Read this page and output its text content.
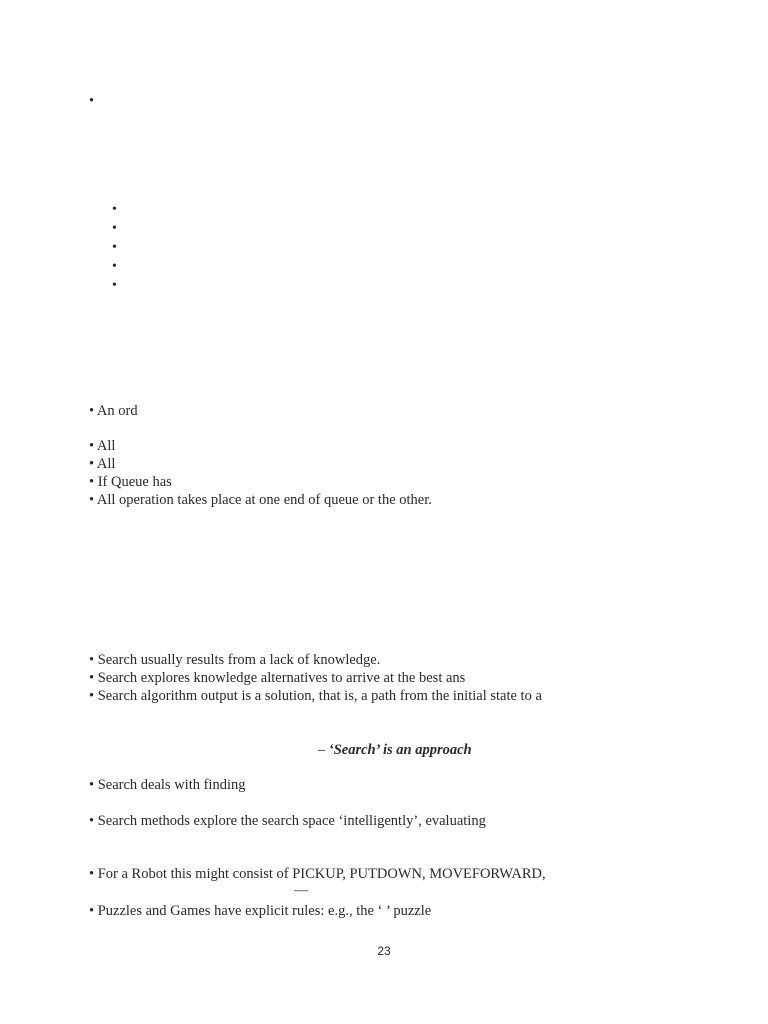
•
•
•
•
•
•
• An ord
• All
• All
• If Queue has
• All operation takes place at one end of queue or the other.
• Search usually results from a lack of knowledge.
• Search explores knowledge alternatives to arrive at the best ans
• Search algorithm output is a solution, that is, a path from the initial state to a
– ‘Search’ is an approach
• Search deals with finding
• Search methods explore the search space ‘intelligently’, evaluating
• For a Robot this might consist of PICKUP, PUTDOWN, MOVEFORWARD,
—
• Puzzles and Games have explicit rules: e.g., the ‘ ’ puzzle
23
